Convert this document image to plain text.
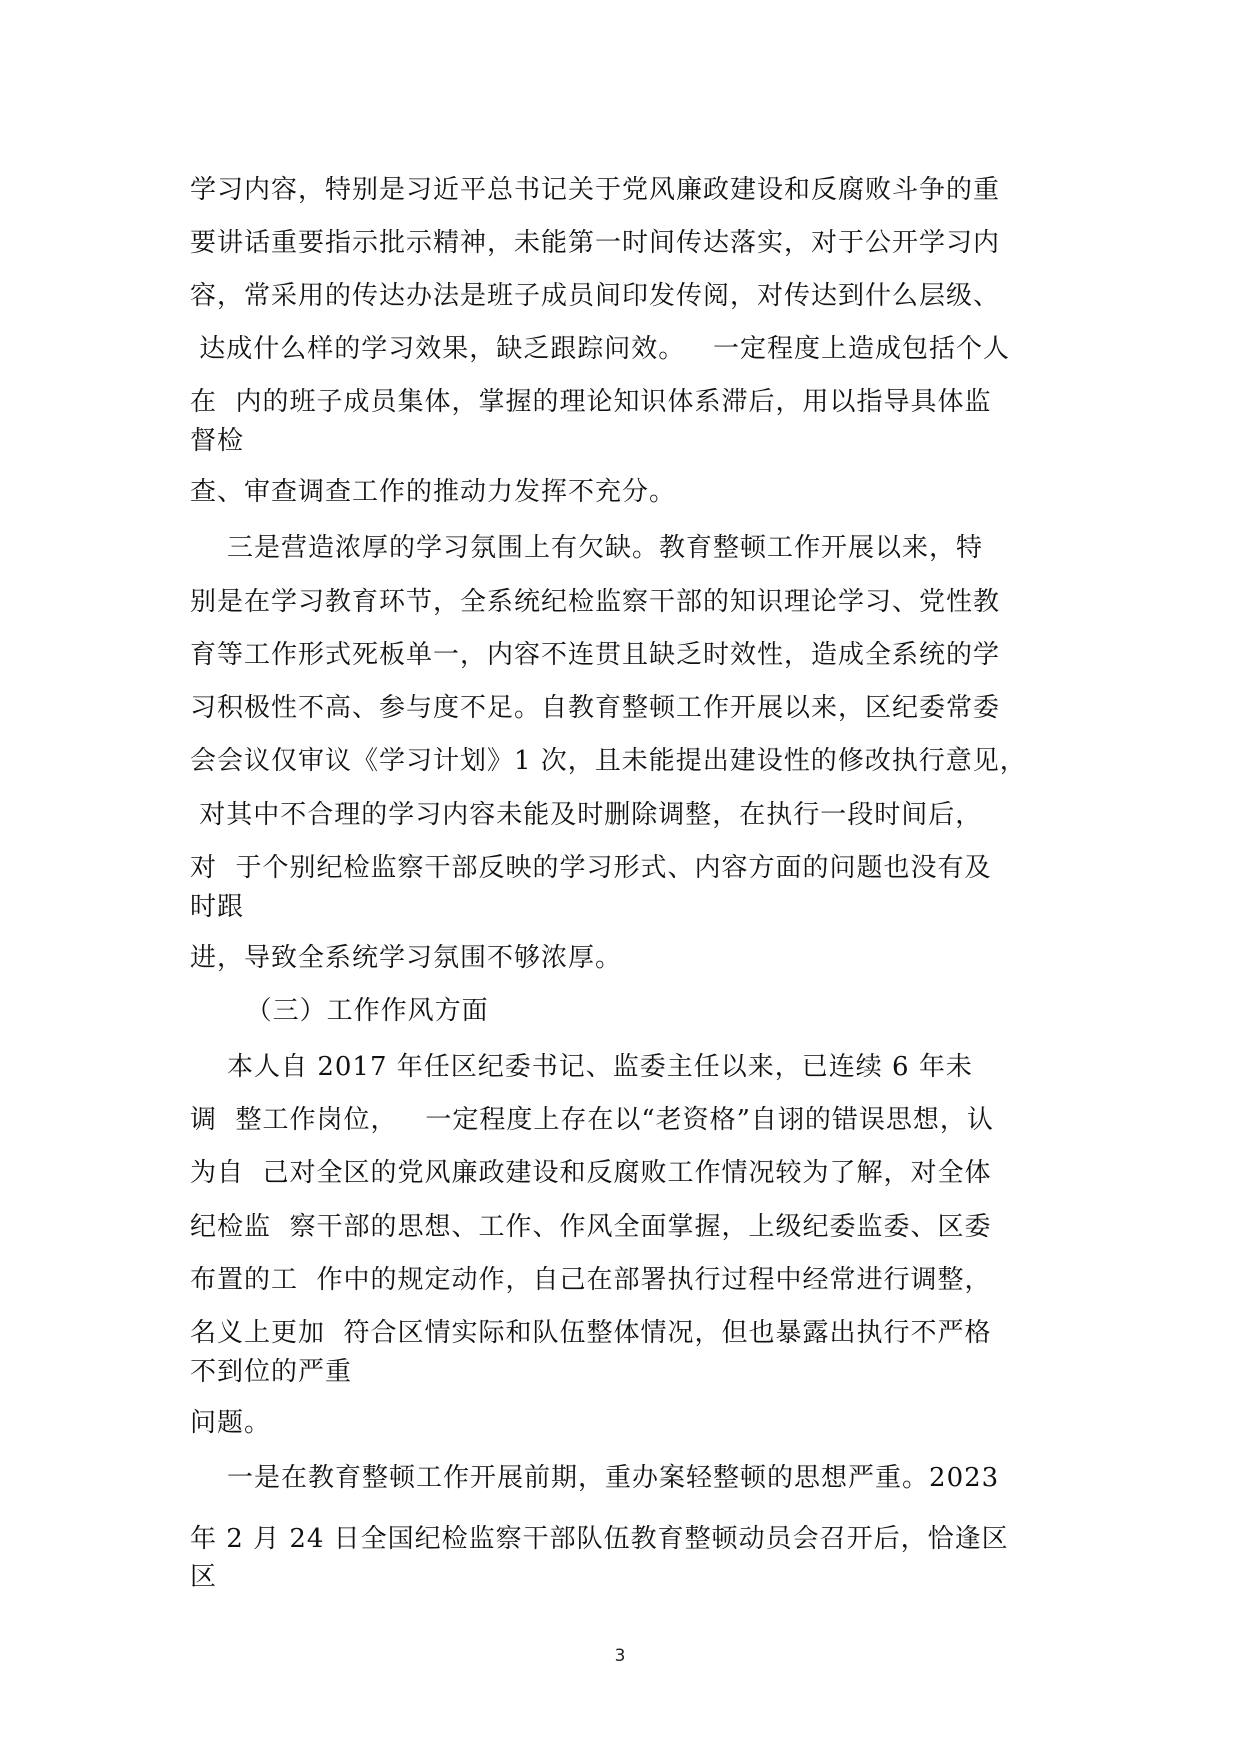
学习内容，特别是习近平总书记关于党风廉政建设和反腐败斗争的重
要讲话重要指示批示精神，未能第一时间传达落实，对于公开学习内
容，常采用的传达办法是班子成员间印发传阅，对传达到什么层级、
达成什么样的学习效果，缺乏跟踪问效。   一定程度上造成包括个人
在  内的班子成员集体，掌握的理论知识体系滞后，用以指导具体监
督检
查、审查调查工作的推动力发挥不充分。
三是营造浓厚的学习氛围上有欠缺。教育整顿工作开展以来，特
别是在学习教育环节，全系统纪检监察干部的知识理论学习、党性教
育等工作形式死板单一，内容不连贯且缺乏时效性，造成全系统的学
习积极性不高、参与度不足。自教育整顿工作开展以来，区纪委常委
会会议仅审议《学习计划》1 次，且未能提出建设性的修改执行意见，
对其中不合理的学习内容未能及时删除调整，在执行一段时间后，
对  于个别纪检监察干部反映的学习形式、内容方面的问题也没有及
时跟
进，导致全系统学习氛围不够浓厚。
（三）工作作风方面
本人自 2017 年任区纪委书记、监委主任以来，已连续 6 年未
调  整工作岗位，   一定程度上存在以“老资格”自诩的错误思想，认
为自  己对全区的党风廉政建设和反腐败工作情况较为了解，对全体
纪检监  察干部的思想、工作、作风全面掌握，上级纪委监委、区委
布置的工  作中的规定动作，自己在部署执行过程中经常进行调整，
名义上更加  符合区情实际和队伍整体情况，但也暴露出执行不严格
不到位的严重
问题。
一是在教育整顿工作开展前期，重办案轻整顿的思想严重。2023
年 2 月 24 日全国纪检监察干部队伍教育整顿动员会召开后，恰逢区
区
3
